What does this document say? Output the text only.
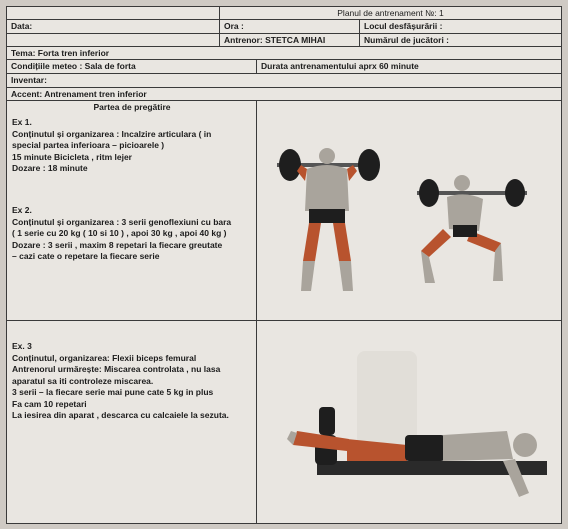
Planul de antrenament №: 1
Data:	Ora :	Locul desfășurării :
Antrenor: STETCA MIHAI	Numărul de jucători :
Tema: Forta tren inferior
Condițiile meteo : Sala de forta	Durata antrenamentului aprx 60 minute
Inventar:
Accent: Antrenament tren inferior
Partea de pregătire

Ex 1.

Conținutul și organizarea : Incalzire articulara ( in

special partea inferioara – picioarele )

15 minute Bicicleta , ritm lejer

Dozare : 18 minute

Ex 2.

Conținutul și organizarea : 3 serii genoflexiuni cu bara

( 1 serie cu 20 kg ( 10 si 10 ) , apoi 30 kg , apoi 40 kg )

Dozare : 3 serii , maxim 8 repetari la fiecare greutate

– cazi cate o repetare la fiecare serie

Ex. 3

Conținutul, organizarea: Flexii biceps femural

Antrenorul urmărește: Miscarea controlata , nu lasa

aparatul sa iti controleze miscarea.

3 serii – la fiecare serie mai pune cate 5 kg in plus

Fa cam 10 repetari

La iesirea din aparat , descarca cu calcaiele la sezuta.
